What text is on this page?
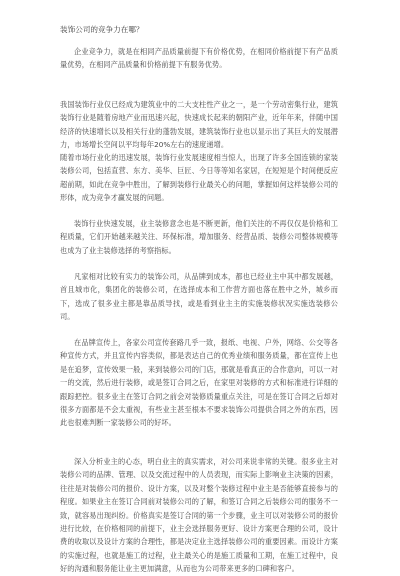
装饰公司的竞争力在哪？
企业竞争力，就是在相同产品质量前提下有价格优势，在相同价格前提下有产品质量优势，在相同产品质量和价格前提下有服务优势。
我国装饰行业仅已经成为建筑业中的二大支柱性产业之一，是一个劳动密集行业，建筑装饰行业是随着房地产业而迅速兴起，快速成长起来的朝阳产业，近年年来，伴随中国经济的快速增长以及相关行业的蓬勃发展，建筑装饰行业也以显示出了其巨大的发展潜力，市场增长空间以平均每年20%左右的速度递增。
随着市场行业化的迅速发展，装饰行业发展速度相当惊人，出现了许多全国连锁的家装装修公司，包括直营、东方、美华、巨匠、今日等等知名家居，在短短是个时间便反应超前期，如此在竞争中胜出，了解到装修行业最关心的问题，掌握如何这样装修公司的形体，成为竞争才赢发展的问题。
装饰行业快速发展，业主装修意念也是不断更新，他们关注的不再仅仅是价格和工程质量，它们开始越来越关注、环保标准，增加服务、经营品质、装修公司整体规模等也成为了业主装修选择的考察指标。
凡家相对比较有实力的装饰公司，从品牌到成本，都也已经业主中其中都发展越，首且城市化，集团化的装修公司，在选择成本和工作营方面也落在胜中之外，城乡而下，选成了很多业主都是靠品质导找，或是看到业主主的实施装修状况实施选装修公司。
在品牌宣传上，各家公司宣传套路几乎一致，报纸、电视、户外，网络、公交等各种宣传方式，并且宣传内容类似，都是表达自己的优秀业绩和服务质量，都在宣传上也是在追梦，宣传效果一般，来到装修公司的门店，那就是看真正的合作意向，可以一对一的交流，然后进行装修，或是签订合同之后，在家里对装修的方式和标准进行详细的跟踪把控。很多业主在签订合同之前会对装修质量重点关注，可是在签订合同之后却对很多方面都是不会太重视，有些业主甚至根本不要求装饰公司提供合同之外的东西，因此也很难判断一家装修公司的好坏。
深入分析业主的心态，明白业主的真实需求，对公司来说非常的关键。很多业主对装修公司的品牌、管理、以及交流过程中的人员表现，而实际上影响业主决策的因素，往往是对装修公司的报价、设计方案，以及对整个装修过程中业主是否能够直接参与的程度。如果业主在签订合同前对装修公司的了解，和签订合同之后装修公司的服务不一致，就容易出现纠纷。价格真实是签订合同的第一个步骤，业主可以对装修公司的报价进行比较，在价格相同的前提下，业主会选择服务更好、设计方案更合理的公司，设计费的收取以及设计方案的合理性，都是决定业主选择装修公司的重要因素。而设计方案的实施过程，也就是施工的过程，业主最关心的是施工质量和工期，在施工过程中，良好的沟通和服务能让业主更加满意，从而也为公司带来更多的口碑和客户。
